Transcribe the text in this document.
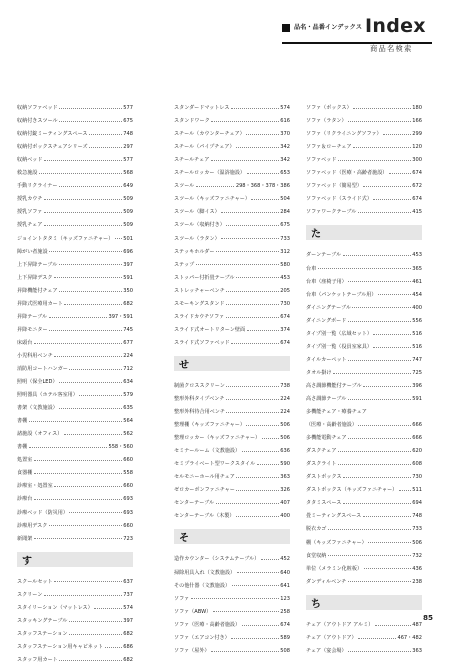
品名・品番インデックス Index
商品名検索
収納ソファベッド	577
収納付きスツール	675
収納付錠ミーティングスペース	748
収納付ボックスチェアシリーズ	297
収納ベッド	577
救急施設	568
手動リクライナー	649
授乳カウチ	509
授乳ソファ	509
授乳チェア	509
ジョイントタタミ（キッズファニチャー） 501
障がい者施設	696
上下昇降テーブル	397
上下昇降デスク	591
昇降機能付チェア	350
昇降式医療用カート	682
昇降テーブル	397・591
昇降モニター	745
床頭台	677
小児科用ベンチ	224
消防用コートハンガー	712
照明（保全LED）	634
照明器具（ホテル客室用）	579
書架（文教施設）	635
書棚	564
諸施設（オフィス）	562
書棚	558・560
処置室	660
食器棚	558
診療室・処置室	660
診療台	693
診療ベッド（防災用）	693
診療用デスク	660
新聞架	723
す
スクールセット	637
スクリーン	737
スタイリーション（マットレス）	574
スタッキングテーブル	397
スタッフステーション	682
スタッフステーション用キャビネット	686
スタッフ用カート	682
スタンダードマットレス	574
スタンドワーク	616
スチール（カウンターチェア）	370
スチール（パイプチェア）	342
スチールチェア	342
スチールロッカー（温浴施設）	653
スツール	298・368・378・386
スツール（キッズファニチャー）	504
スツール（脚イス）	284
スツール（収納付き）	675
スツール（ラタン）	733
ステッキホルダー	312
ステップ	580
ストッパー付折畳テーブル	453
ストレッチャーベンチ	205
スモーキングスタンド	730
スライドカウチソファ	674
スライド式オートリターン壁面	374
スライド式ソファベッド	674
せ
制菌クロススクリーン	738
整形外科タイプベンチ	224
整形外科待合用ベンチ	224
整理棚（キッズファニチャー）	506
整理ロッカー（キッズファニチャー）	506
セミナールーム（文教施設）	636
セミプライベート型ワークスタイル	590
セルモニーホール用チェア	363
ゼロカーボンファニチャー	326
センターテーブル	407
センターテーブル（木製）	400
そ
造作カウンター（システムテーブル）	452
掃除用具入れ（文教施設）	640
その他什器（文教施設）	641
ソファ	123
ソファ（ABW）	258
ソファ（医療・高齢者施設）	674
ソファ（エアコン付き）	589
ソファ（屋外）	508
ソファ（ボックス）	180
ソファ（ラタン）	166
ソファ（リクライニングソファ）	299
ソファ＆ローチェア	120
ソファベッド	300
ソファベッド（医療・高齢者施設）	674
ソファベッド（簡易型）	672
ソファベッド（スライド式）	674
ソファワークテーブル	415
た
ダーンテーブル	453
台車	365
台車（座椅子用）	461
台車（パンケットテーブル用）	454
ダイニングテーブル	400
ダイニングボード	556
タイプ別一覧（広域セット）	516
タイプ別一覧（役員室家具）	516
タイルカーペット	747
タオル掛け	725
高さ調節機能付テーブル	396
高さ調節テーブル	591
多機能チェア・療養チェア
（医療・高齢者施設）	666
多機能電動チェア	666
ダスクチェア	620
ダスクライト	608
ダストボックス	730
ダストボックス（キッズファニチャー）	511
タタミスペース	694
畳ミーティングスペース	748
脱衣カゴ	733
棚（キッズファニチャー）	506
食堂収納	732
単位（メラミン化粧板）	436
ダンディルベンチ	238
ち
チェア（アウトドア アルミ）	487
チェア（アウトドア）	467・482
チェア（宴会場）	363
85
